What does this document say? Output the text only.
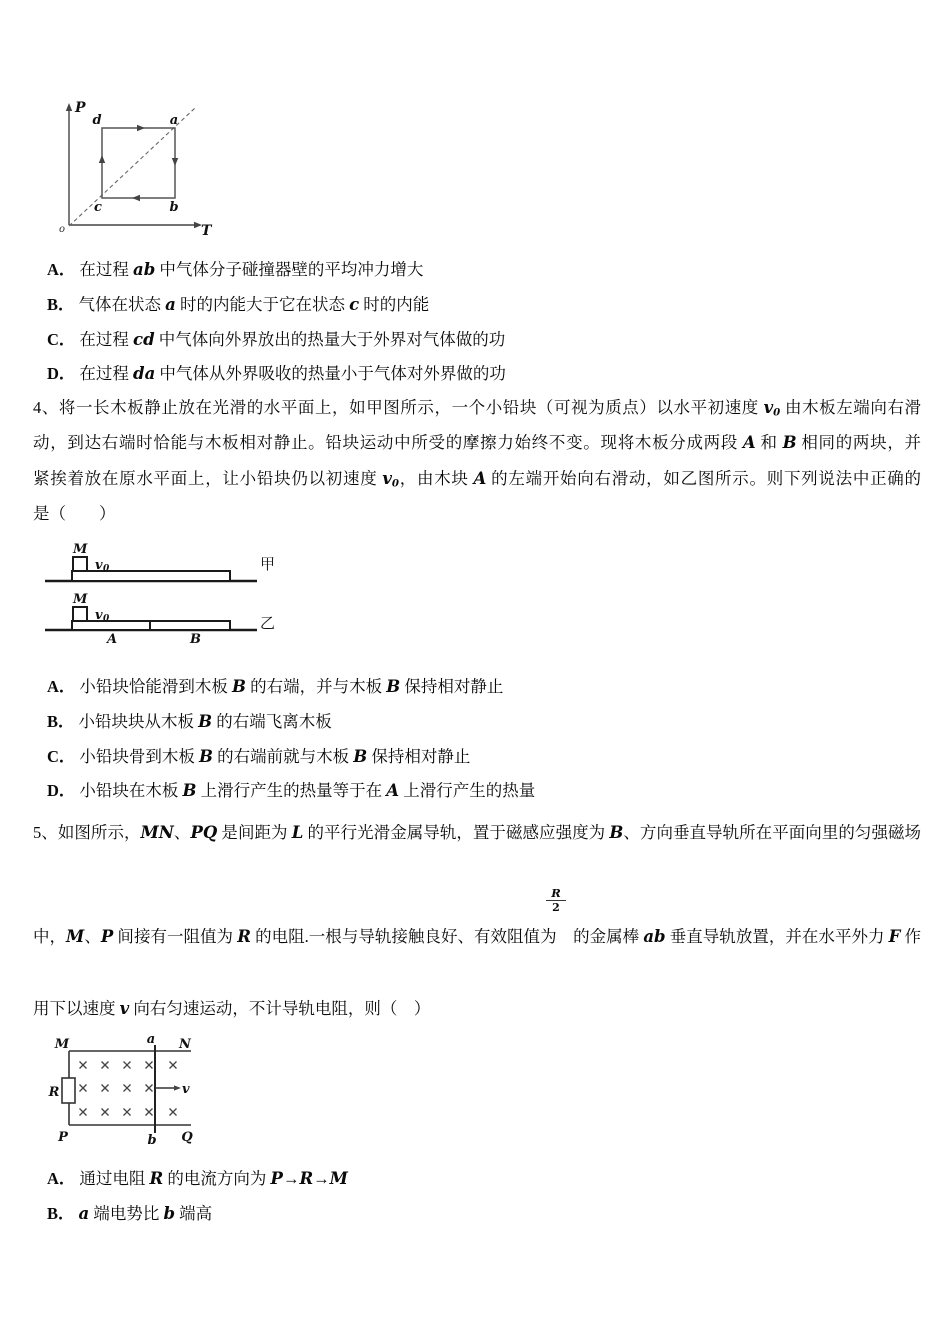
P
T
o
d	a
c	b
A． 在过程 ab 中气体分子碰撞器壁的平均冲力增大
B． 气体在状态 a 时的内能大于它在状态 c 时的内能
C． 在过程 cd 中气体向外界放出的热量大于外界对气体做的功
D． 在过程 da 中气体从外界吸收的热量小于气体对外界做的功
4、将一长木板静止放在光滑的水平面上，如甲图所示，一个小铅块（可视为质点）以水平初速度 v0 由木板左端向右滑
动，到达右端时恰能与木板相对静止。铅块运动中所受的摩擦力始终不变。现将木板分成两段 A 和 B 相同的两块，并
紧挨着放在原水平面上，让小铅块仍以初速度 v0，由木块 A 的左端开始向右滑动，如乙图所示。则下列说法中正确的
是（　　）
M
v 0	甲
M
v 0	乙
A	B
A． 小铅块恰能滑到木板 B 的右端，并与木板 B 保持相对静止
B． 小铅块块从木板 B 的右端飞离木板
C． 小铅块骨到木板 B 的右端前就与木板 B 保持相对静止
D． 小铅块在木板 B 上滑行产生的热量等于在 A 上滑行产生的热量
5、如图所示，MN、PQ 是间距为 L 的平行光滑金属导轨，置于磁感应强度为 B、方向垂直导轨所在平面向里的匀强磁场
$\frac{R}{2}$
中，M、P 间接有一阻值为 R 的电阻.一根与导轨接触良好、有效阻值为　的金属棒 ab 垂直导轨放置，并在水平外力 F 作
用下以速度 v 向右匀速运动，不计导轨电阻，则（　）
M	N
P	Q
R
a
b
v
A． 通过电阻 R 的电流方向为 P→R→M
B． a 端电势比 b 端高
